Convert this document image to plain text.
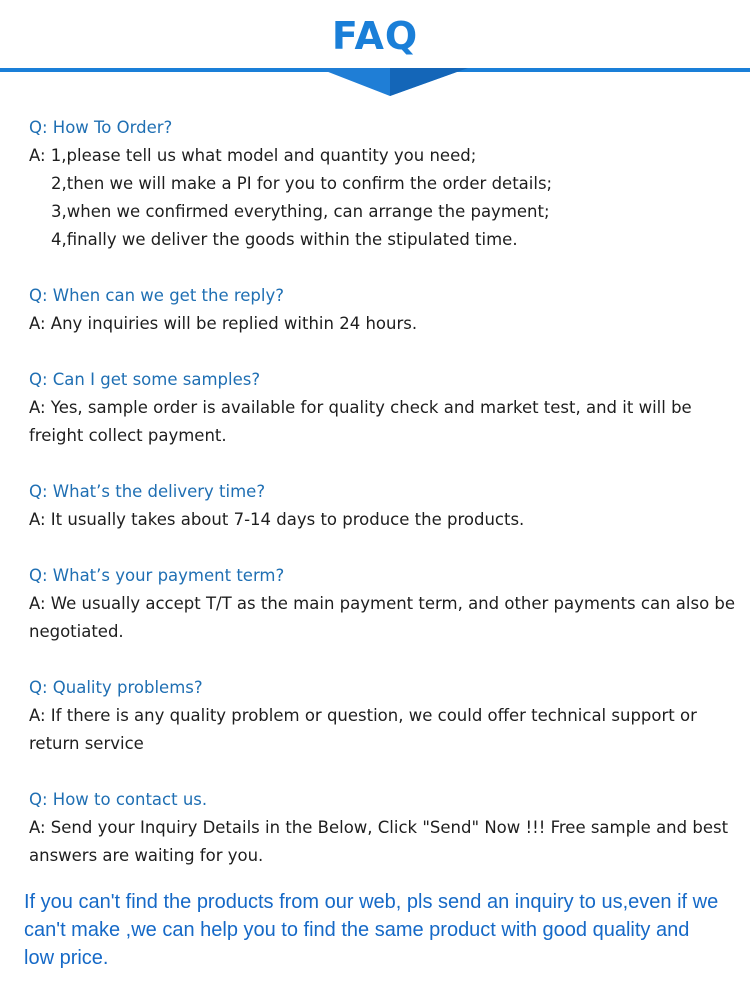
FAQ
Q: How To Order?
A: 1,please tell us what model and quantity you need;
2,then we will make a PI for you to confirm the order details;
3,when we confirmed everything, can arrange the payment;
4,finally we deliver the goods within the stipulated time.
Q: When can we get the reply?
A: Any inquiries will be replied within 24 hours.
Q: Can I get some samples?
A: Yes, sample order is available for quality check and market test, and it will be freight collect payment.
Q: What’s the delivery time?
A: It usually takes about 7-14 days to produce the products.
Q: What’s your payment term?
A: We usually accept T/T as the main payment term, and other payments can also be negotiated.
Q: Quality problems?
A: If there is any quality problem or question, we could offer technical support or return service
Q: How to contact us.
A: Send your Inquiry Details in the Below, Click "Send" Now !!! Free sample and best answers are waiting for you.
If you can't find the products from our web, pls send an inquiry to us,even if we can't make ,we can help you to find the same product with good quality and low price.
